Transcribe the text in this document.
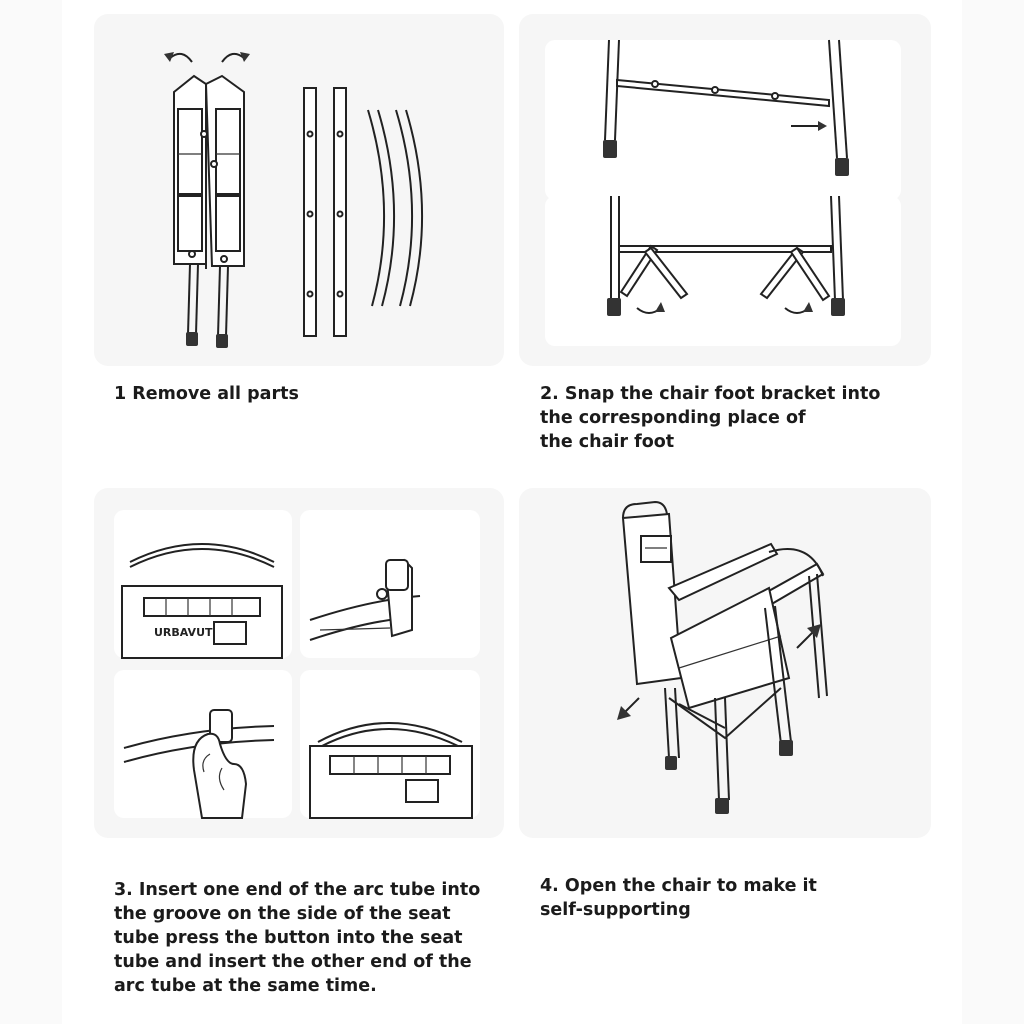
1 Remove all parts	2. Snap the chair foot bracket into
the corresponding place of
the chair foot

URBAVUT

3. Insert one end of the arc tube into
the groove on the side of the seat
tube press the button into the seat
tube and insert the other end of the
arc tube at the same time.

4. Open the chair to make it
self-supporting
